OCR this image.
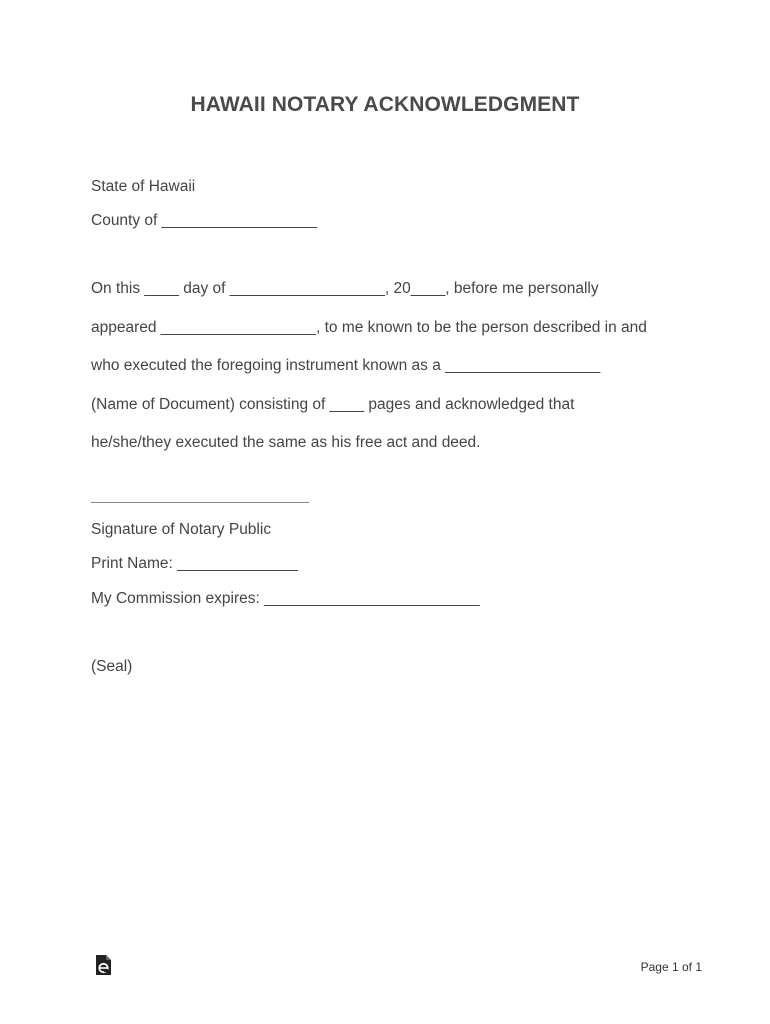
HAWAII NOTARY ACKNOWLEDGMENT
State of Hawaii
County of __________________
On this ____ day of __________________, 20____, before me personally
appeared __________________, to me known to be the person described in and
who executed the foregoing instrument known as a __________________
(Name of Document) consisting of ____ pages and acknowledged that
he/she/they executed the same as his free act and deed.
Signature of Notary Public
Print Name: ______________
My Commission expires: _________________________
(Seal)
Page 1 of 1
